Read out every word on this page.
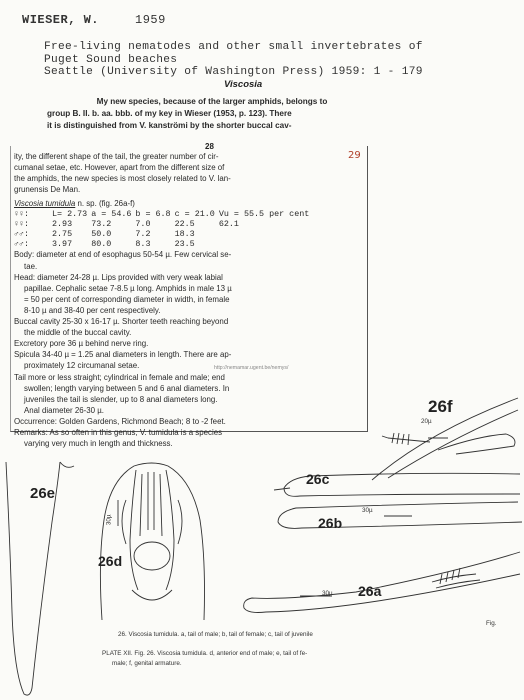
WIESER, W.	1959
Free-living nematodes and other small invertebrates of
Puget Sound beaches
Seattle (University of Washington Press) 1959: 1 - 179
Viscosia
My new species, because of the larger amphids, belongs to
group B. II. b. aa. bbb. of my key in Wieser (1953, p. 123). There
it is distinguished from V. kanströmi by the shorter buccal cav-
28
29
ity, the different shape of the tail, the greater number of cir-
cumanal setae, etc. However, apart from the different size of
the amphids, the new species is most closely related to V. lan-
grunensis De Man.
Viscosia tumidula n. sp. (fig. 26a-f)
♀♀:	L= 2.73	a = 54.6	b = 6.8	c = 21.0	Vu = 55.5 per cent
♀♀:	2.93	73.2	7.0	22.5	62.1
♂♂:	2.75	50.0	7.2	18.3	
♂♂:	3.97	80.0	8.3	23.5	
Body: diameter at end of esophagus 50-54 µ. Few cervical se-
tae.
Head: diameter 24-28 µ. Lips provided with very weak labial
papillae. Cephalic setae 7-8.5 µ long. Amphids in male 13 µ
= 50 per cent of corresponding diameter in width, in female
8-10 µ and 38-40 per cent respectively.
Buccal cavity 25-30 x 16-17 µ. Shorter teeth reaching beyond
the middle of the buccal cavity.
Excretory pore 36 µ behind nerve ring.
Spicula 34-40 µ = 1.25 anal diameters in length. There are ap-
proximately 12 circumanal setae.
Tail more or less straight; cylindrical in female and male; end
swollen; length varying between 5 and 6 anal diameters. In
juveniles the tail is slender, up to 8 anal diameters long.
Anal diameter 26-30 µ.
Occurrence: Golden Gardens, Richmond Beach; 8 to -2 feet.
Remarks: As so often in this genus, V. tumidula is a species
varying very much in length and thickness.
http://nemamar.ugent.be/nemys/
26f
20µ
26e
26d
30µ
26c
26b
30µ
26a
30µ
Fig.
26. Viscosia tumidula. a, tail of male; b, tail of female; c, tail of juvenile
PLATE XII. Fig. 26. Viscosia tumidula. d, anterior end of male; e, tail of fe-
male; f, genital armature.
